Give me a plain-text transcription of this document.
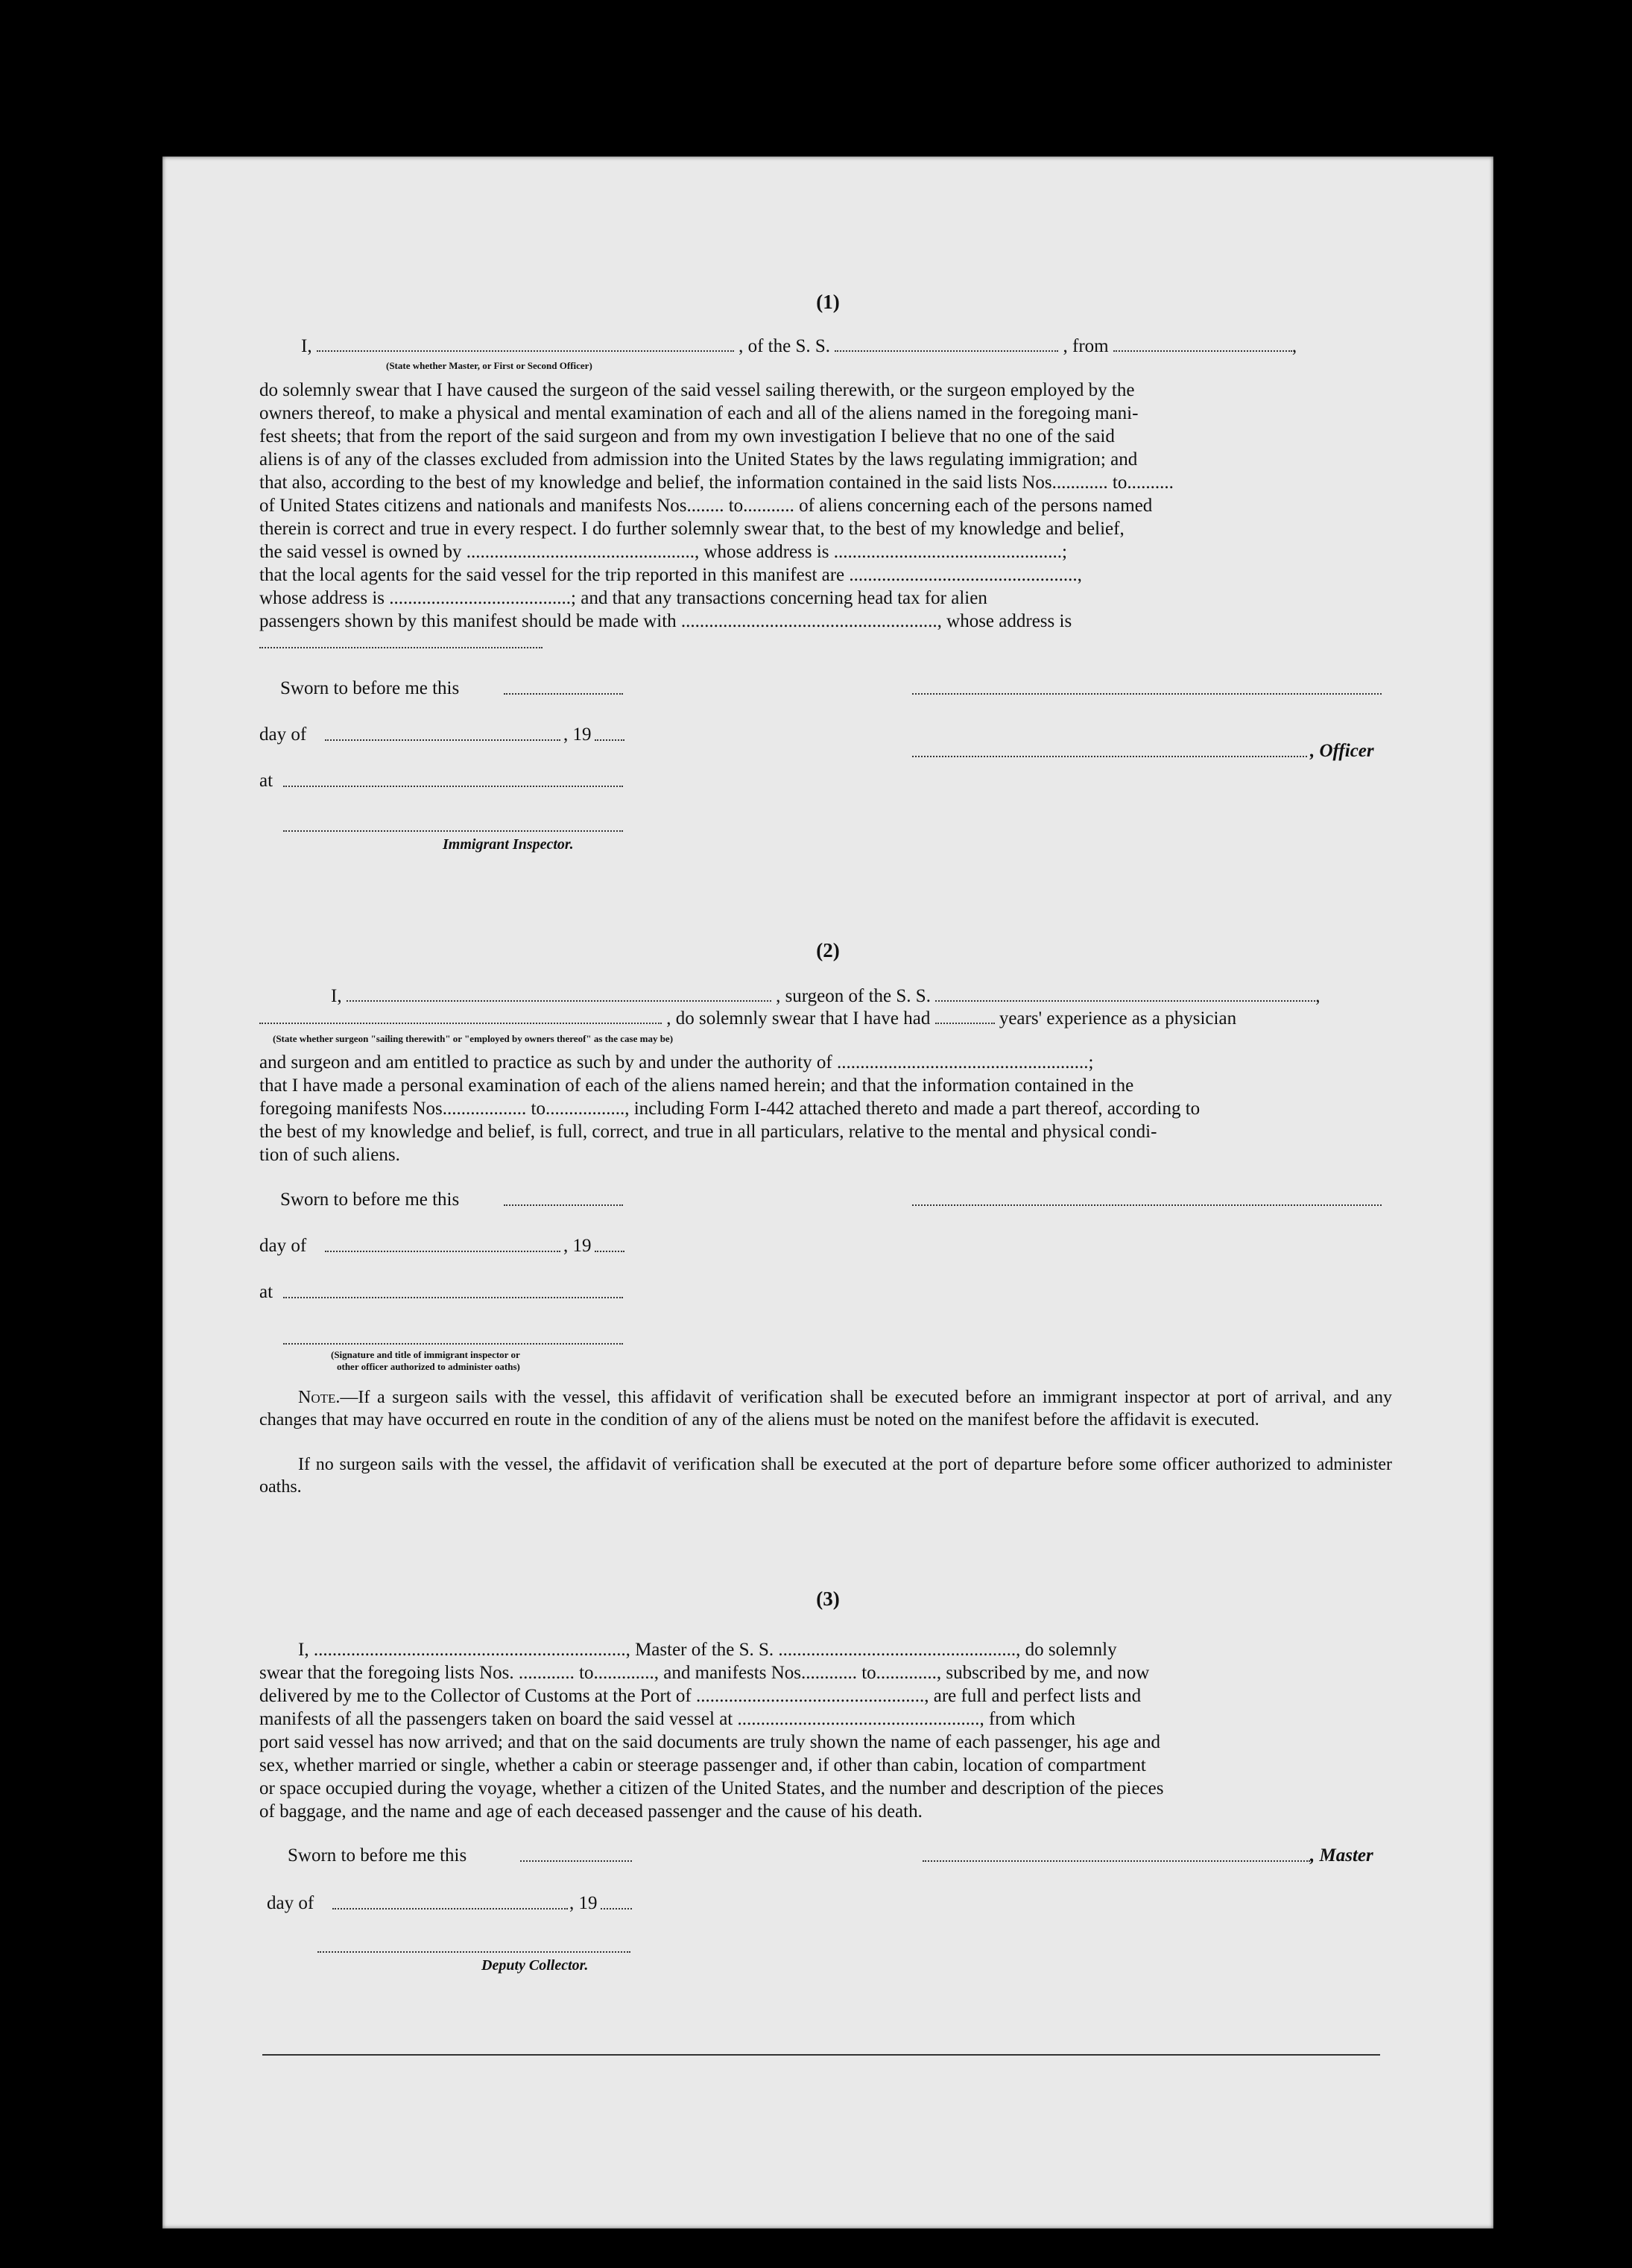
(1)
I,	, of the S. S.	, from	,
(State whether Master, or First or Second Officer)
do solemnly swear that I have caused the surgeon of the said vessel sailing therewith, or the surgeon employed by the
owners thereof, to make a physical and mental examination of each and all of the aliens named in the foregoing mani-
fest sheets; that from the report of the said surgeon and from my own investigation I believe that no one of the said
aliens is of any of the classes excluded from admission into the United States by the laws regulating immigration; and
that also, according to the best of my knowledge and belief, the information contained in the said lists Nos............ to..........
of United States citizens and nationals and manifests Nos........ to........... of aliens concerning each of the persons named
therein is correct and true in every respect. I do further solemnly swear that, to the best of my knowledge and belief,
the said vessel is owned by ................................................., whose address is .................................................;
that the local agents for the said vessel for the trip reported in this manifest are .................................................,
whose address is .......................................; and that any transactions concerning head tax for alien
passengers shown by this manifest should be made with ......................................................., whose address is
Sworn to before me this
day of	, 19
, Officer
at
Immigrant Inspector.
(2)
I,	, surgeon of the S. S.	,
, do solemnly swear that I have had	years' experience as a physician
(State whether surgeon "sailing therewith" or "employed by owners thereof" as the case may be)
and surgeon and am entitled to practice as such by and under the authority of ......................................................;
that I have made a personal examination of each of the aliens named herein; and that the information contained in the
foregoing manifests Nos.................. to................., including Form I-442 attached thereto and made a part thereof, according to
the best of my knowledge and belief, is full, correct, and true in all particulars, relative to the mental and physical condi-
tion of such aliens.
Sworn to before me this
day of	, 19
at
(Signature and title of immigrant inspector or
other officer authorized to administer oaths)
Note.—If a surgeon sails with the vessel, this affidavit of verification shall be executed before an immigrant inspector at port of arrival, and any changes that may have occurred en route in the condition of any of the aliens must be noted on the manifest before the affidavit is executed.
If no surgeon sails with the vessel, the affidavit of verification shall be executed at the port of departure before some officer authorized to administer oaths.
(3)
I, ..................................................................., Master of the S. S. ..................................................., do solemnly
swear that the foregoing lists Nos. ............ to............., and manifests Nos............ to............., subscribed by me, and now
delivered by me to the Collector of Customs at the Port of ................................................., are full and perfect lists and
manifests of all the passengers taken on board the said vessel at ...................................................., from which
port said vessel has now arrived; and that on the said documents are truly shown the name of each passenger, his age and
sex, whether married or single, whether a cabin or steerage passenger and, if other than cabin, location of compartment
or space occupied during the voyage, whether a citizen of the United States, and the number and description of the pieces
of baggage, and the name and age of each deceased passenger and the cause of his death.
Sworn to before me this	, Master
day of	, 19
Deputy Collector.
